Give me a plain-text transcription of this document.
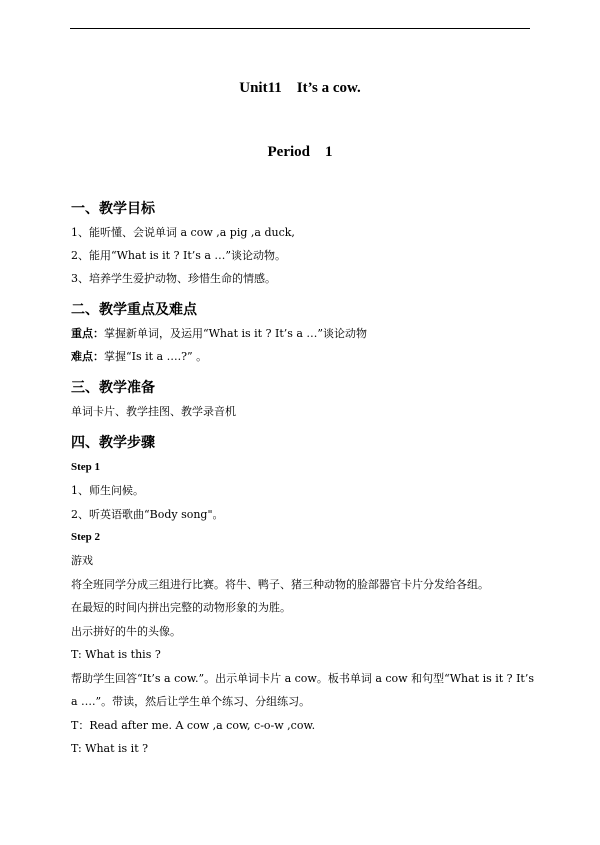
Unit11    It’s a cow.
Period    1
一、教学目标
1、能听懂、会说单词 a cow ,a pig ,a duck,
2、能用“What is it ? It’s a …”谈论动物。
3、培养学生爱护动物、珍惜生命的情感。
二、教学重点及难点
重点：掌握新单词，及运用“What is it ? It’s a …”谈论动物
难点：掌握“Is it a ….?” 。
三、教学准备
单词卡片、教学挂图、教学录音机
四、教学步骤
Step 1
1、师生问候。
2、听英语歌曲“Body song"。
Step 2
游戏
将全班同学分成三组进行比赛。将牛、鸭子、猪三种动物的脸部器官卡片分发给各组。
在最短的时间内拼出完整的动物形象的为胜。
出示拼好的牛的头像。
T: What is this ?
帮助学生回答“It’s a cow.”。出示单词卡片 a cow。板书单词 a cow 和句型“What is it ? It’s
a ….”。带读，然后让学生单个练习、分组练习。
T：Read after me. A cow ,a cow, c-o-w ,cow.
T: What is it ?
